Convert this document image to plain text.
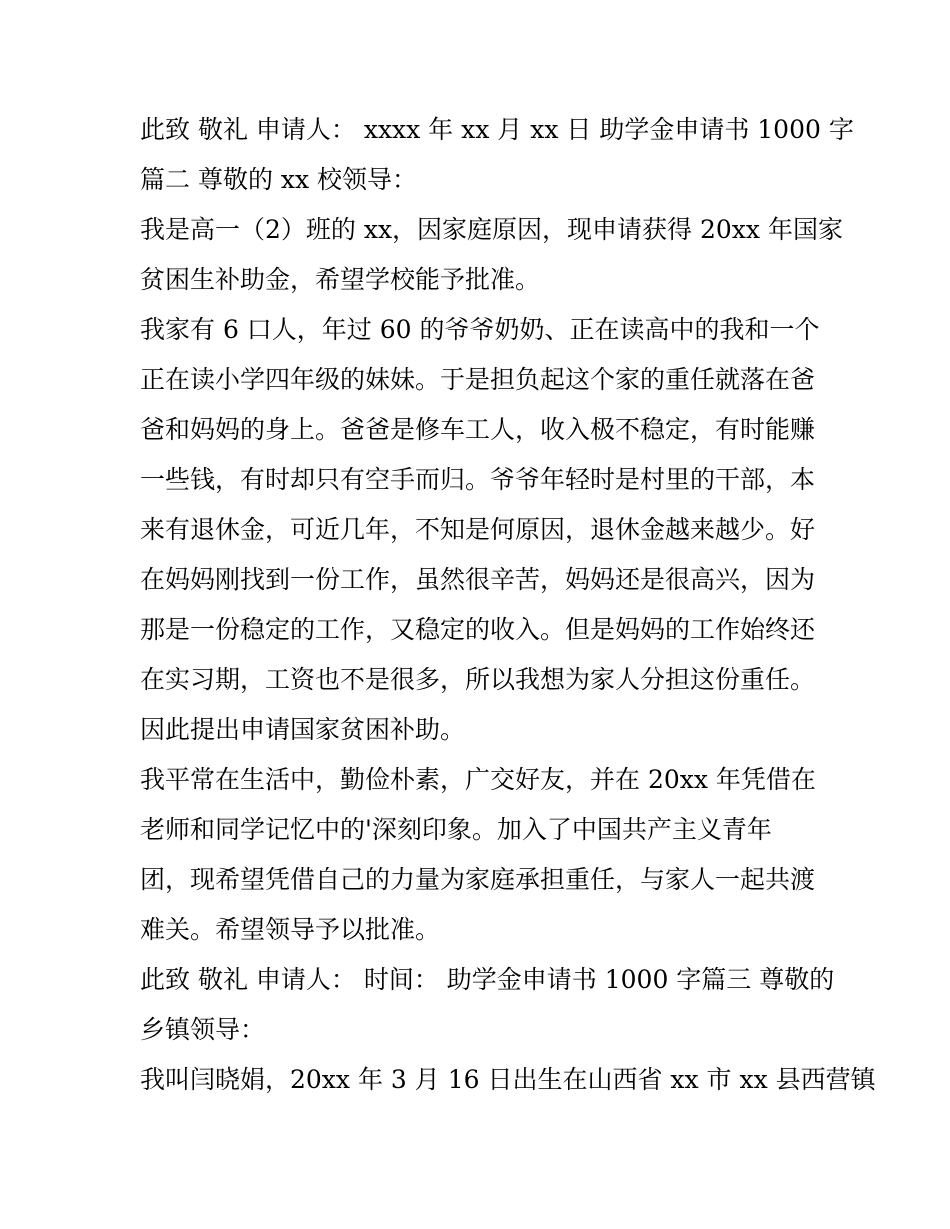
此致 敬礼 申请人： xxxx 年 xx 月 xx 日 助学金申请书 1000 字
篇二 尊敬的 xx 校领导：
我是高一（2）班的 xx，因家庭原因，现申请获得 20xx 年国家
贫困生补助金，希望学校能予批准。
我家有 6 口人，年过 60 的爷爷奶奶、正在读高中的我和一个
正在读小学四年级的妹妹。于是担负起这个家的重任就落在爸
爸和妈妈的身上。爸爸是修车工人，收入极不稳定，有时能赚
一些钱，有时却只有空手而归。爷爷年轻时是村里的干部，本
来有退休金，可近几年，不知是何原因，退休金越来越少。好
在妈妈刚找到一份工作，虽然很辛苦，妈妈还是很高兴，因为
那是一份稳定的工作，又稳定的收入。但是妈妈的工作始终还
在实习期，工资也不是很多，所以我想为家人分担这份重任。
因此提出申请国家贫困补助。
我平常在生活中，勤俭朴素，广交好友，并在 20xx 年凭借在
老师和同学记忆中的'深刻印象。加入了中国共产主义青年
团，现希望凭借自己的力量为家庭承担重任，与家人一起共渡
难关。希望领导予以批准。
此致 敬礼 申请人： 时间： 助学金申请书 1000 字篇三 尊敬的
乡镇领导：
我叫闫晓娟，20xx 年 3 月 16 日出生在山西省 xx 市 xx 县西营镇
